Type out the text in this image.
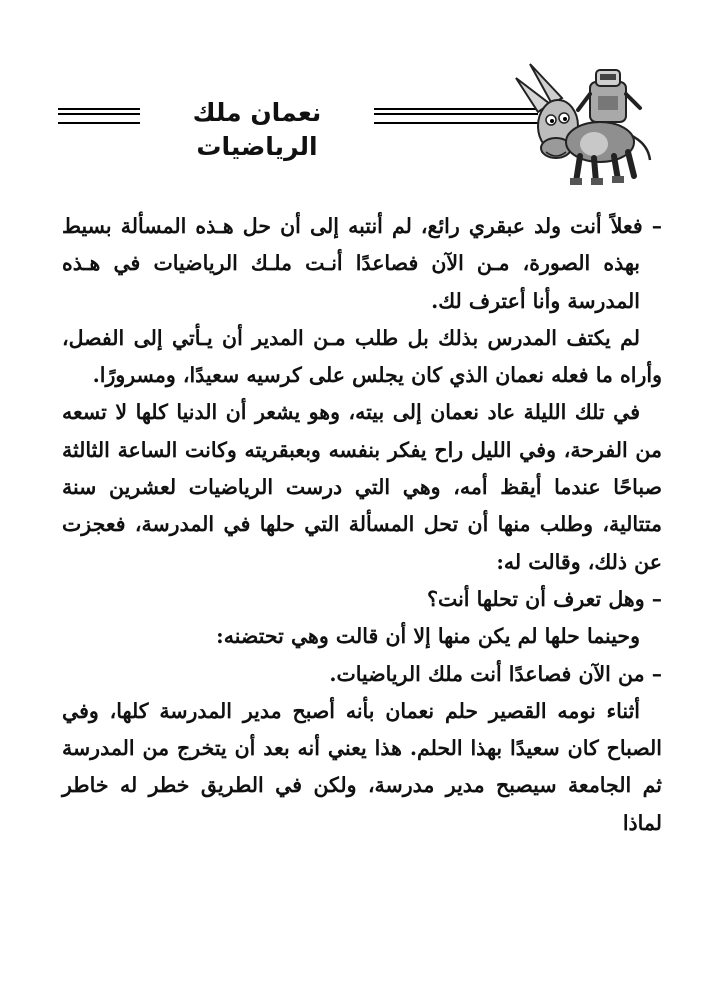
نعمان ملك الرياضيات

– فعلاً أنت ولد عبقري رائع، لم أنتبه إلى أن حل هـذه المسألة بسيط بهذه الصورة، مـن الآن فصاعدًا أنـت ملـك الرياضيات في هـذه المدرسة وأنا أعترف لك.

لم يكتف المدرس بذلك بل طلب مـن المدير أن يـأتي إلى الفصل، وأراه ما فعله نعمان الذي كان يجلس على كرسيه سعيدًا، ومسرورًا.

في تلك الليلة عاد نعمان إلى بيته، وهو يشعر أن الدنيا كلها لا تسعه من الفرحة، وفي الليل راح يفكر بنفسه وبعبقريته وكانت الساعة الثالثة صباحًا عندما أيقظ أمه، وهي التي درست الرياضيات لعشرين سنة متتالية، وطلب منها أن تحل المسألة التي حلها في المدرسة، فعجزت عن ذلك، وقالت له:

– وهل تعرف أن تحلها أنت؟

وحينما حلها لم يكن منها إلا أن قالت وهي تحتضنه:

– من الآن فصاعدًا أنت ملك الرياضيات.

أثناء نومه القصير حلم نعمان بأنه أصبح مدير المدرسة كلها، وفي الصباح كان سعيدًا بهذا الحلم. هذا يعني أنه بعد أن يتخرج من المدرسة ثم الجامعة سيصبح مدير مدرسة، ولكن في الطريق خطر له خاطر لماذا
